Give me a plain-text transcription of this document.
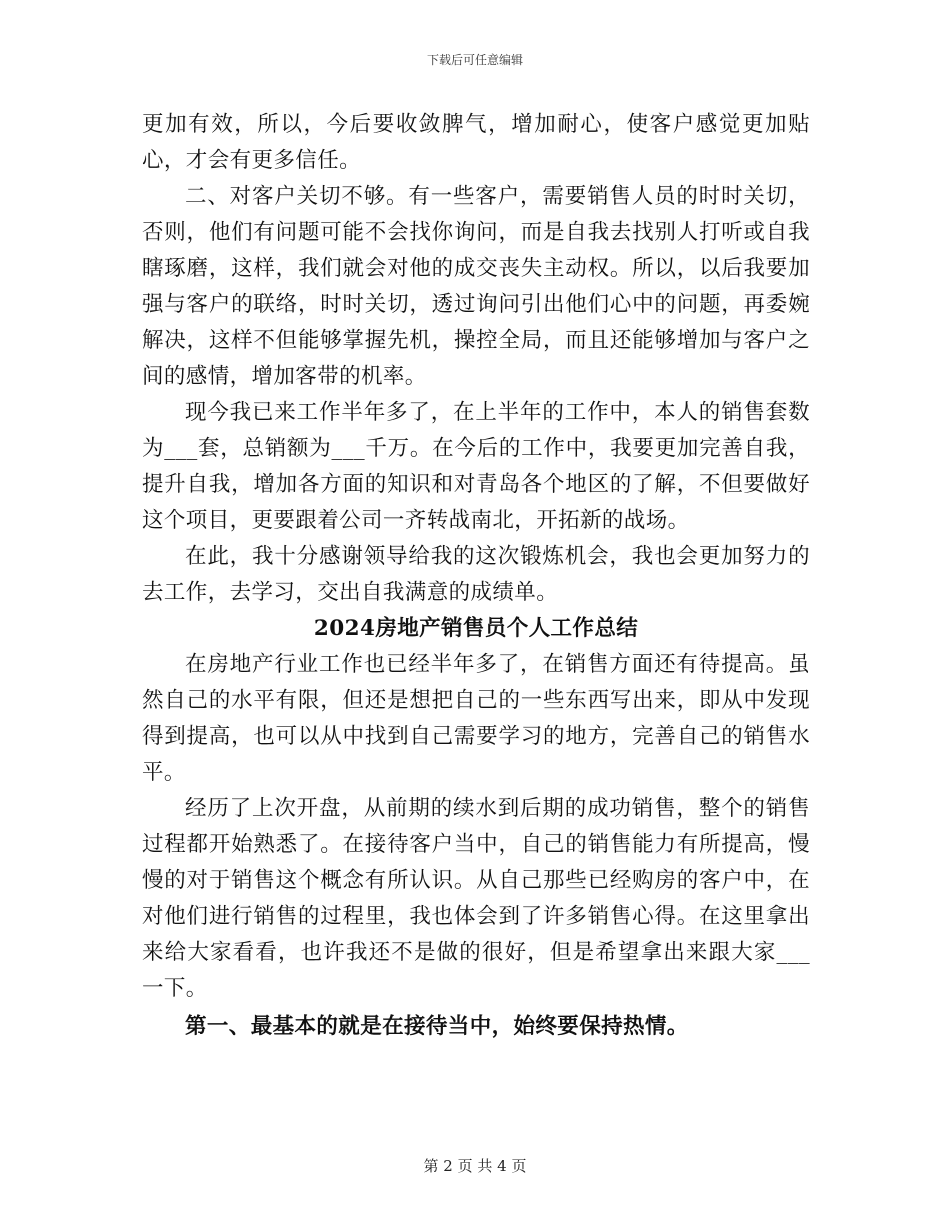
下载后可任意编辑

更加有效，所以，今后要收敛脾气，增加耐心，使客户感觉更加贴心，才会有更多信任。

二、对客户关切不够。有一些客户，需要销售人员的时时关切，否则，他们有问题可能不会找你询问，而是自我去找别人打听或自我瞎琢磨，这样，我们就会对他的成交丧失主动权。所以，以后我要加强与客户的联络，时时关切，透过询问引出他们心中的问题，再委婉解决，这样不但能够掌握先机，操控全局，而且还能够增加与客户之间的感情，增加客带的机率。

现今我已来工作半年多了，在上半年的工作中，本人的销售套数为___套，总销额为___千万。在今后的工作中，我要更加完善自我，提升自我，增加各方面的知识和对青岛各个地区的了解，不但要做好这个项目，更要跟着公司一齐转战南北，开拓新的战场。

在此，我十分感谢领导给我的这次锻炼机会，我也会更加努力的去工作，去学习，交出自我满意的成绩单。

2024房地产销售员个人工作总结

在房地产行业工作也已经半年多了，在销售方面还有待提高。虽然自己的水平有限，但还是想把自己的一些东西写出来，即从中发现得到提高，也可以从中找到自己需要学习的地方，完善自己的销售水平。

经历了上次开盘，从前期的续水到后期的成功销售，整个的销售过程都开始熟悉了。在接待客户当中，自己的销售能力有所提高，慢慢的对于销售这个概念有所认识。从自己那些已经购房的客户中，在对他们进行销售的过程里，我也体会到了许多销售心得。在这里拿出来给大家看看，也许我还不是做的很好，但是希望拿出来跟大家___一下。

第一、最基本的就是在接待当中，始终要保持热情。

第 2 页 共 4 页
